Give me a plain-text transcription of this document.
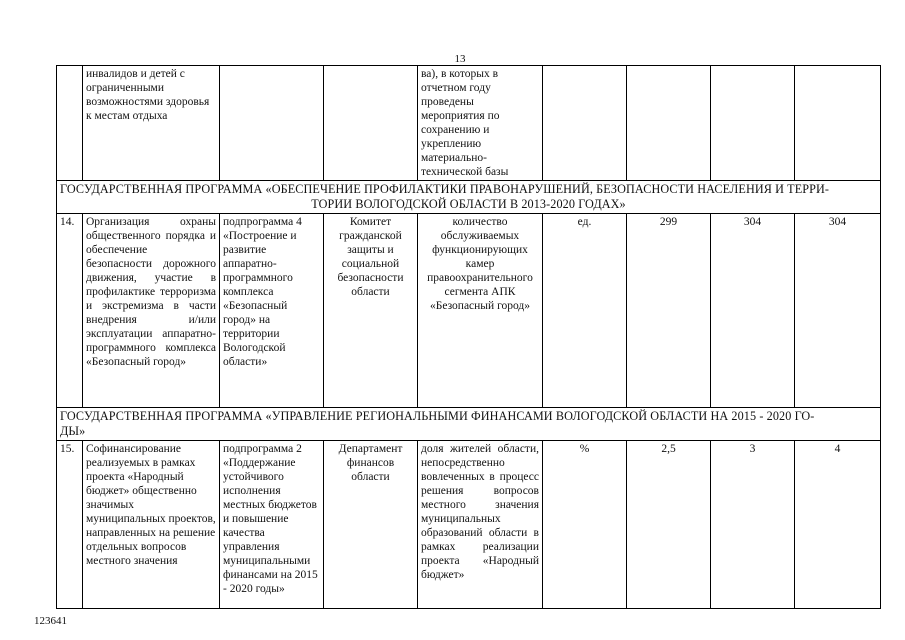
13

	инвалидов и детей с ограниченными возможностями здоровья к местам отдыха			ва), в которых в отчетном году проведены мероприятия по сохранению и укреплению материально-технической базы				

ГОСУДАРСТВЕННАЯ ПРОГРАММА «ОБЕСПЕЧЕНИЕ ПРОФИЛАКТИКИ ПРАВОНАРУШЕНИЙ, БЕЗОПАСНОСТИ НАСЕЛЕНИЯ И ТЕРРИ-
ТОРИИ ВОЛОГОДСКОЙ ОБЛАСТИ В 2013-2020 ГОДАХ»								

14.	Организация охраны общественного порядка и обеспечение безопасности дорожного движения, участие в профилактике терроризма и экстремизма в части внедрения и/или эксплуатации аппаратно-программного комплекса «Безопасный город»	подпрограмма 4 «Построение и развитие аппаратно-программного комплекса «Безопасный город» на территории Вологодской области»	Комитет гражданской защиты и социальной безопасности области	количество обслуживаемых функционирующих камер правоохранительного сегмента АПК «Безопасный город»	ед.	299	304	304

ГОСУДАРСТВЕННАЯ ПРОГРАММА «УПРАВЛЕНИЕ РЕГИОНАЛЬНЫМИ ФИНАНСАМИ ВОЛОГОДСКОЙ ОБЛАСТИ НА 2015 - 2020 ГО-
ДЫ»								

15.	Софинансирование реализуемых в рамках проекта «Народный бюджет» общественно значимых муниципальных проектов, направленных на решение отдельных вопросов местного значения	подпрограмма 2 «Поддержание устойчивого исполнения местных бюджетов и повышение качества управления муниципальными финансами на 2015 - 2020 годы»	Департамент финансов области	доля жителей области, непосредственно вовлеченных в процесс решения вопросов местного значения муниципальных образований области в рамках реализации проекта «Народный бюджет»	%	2,5	3	4
123641
